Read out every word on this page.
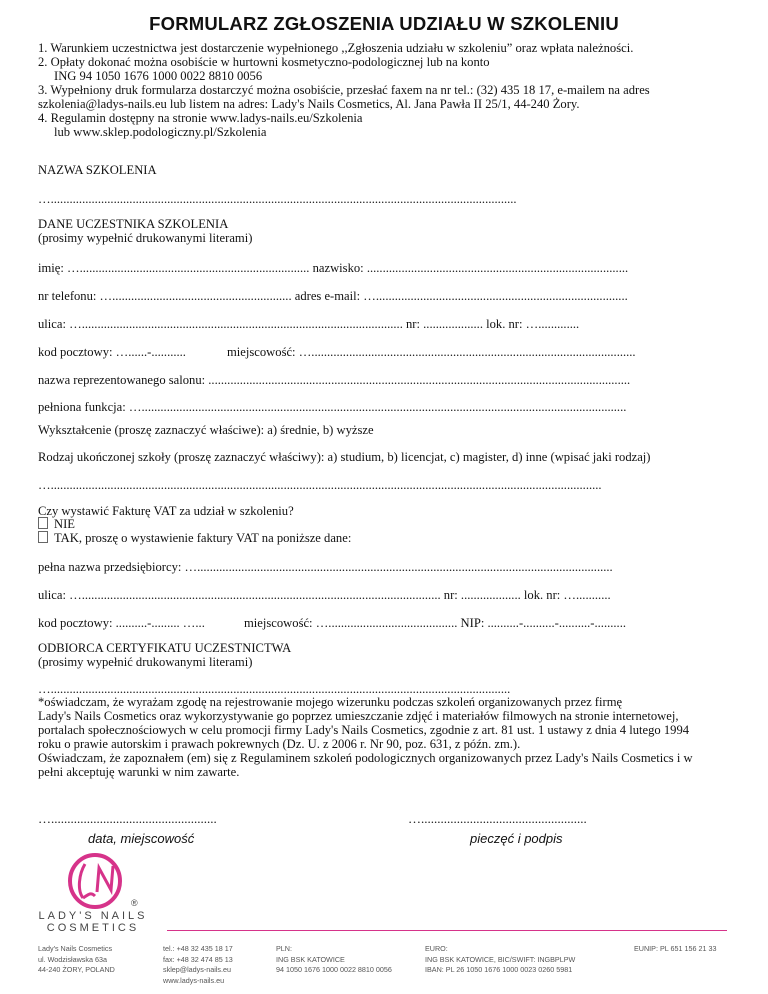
FORMULARZ ZGŁOSZENIA UDZIAŁU W SZKOLENIU
1. Warunkiem uczestnictwa jest dostarczenie wypełnionego ,,Zgłoszenia udziału w szkoleniu” oraz wpłata należności.
2. Opłaty dokonać można osobiście w hurtowni kosmetyczno-podologicznej lub na konto
ING 94 1050 1676 1000 0022 8810 0056
3. Wypełniony druk formularza dostarczyć można osobiście, przesłać faxem na nr tel.: (32) 435 18 17, e-mailem na adres
szkolenia@ladys-nails.eu lub listem na adres: Lady's Nails Cosmetics, Al. Jana Pawła II 25/1, 44-240 Żory.
4. Regulamin dostępny na stronie www.ladys-nails.eu/Szkolenia
lub www.sklep.podologiczny.pl/Szkolenia
NAZWA SZKOLENIA
…....................................................................................................................................................
DANE UCZESTNIKA SZKOLENIA
(prosimy wypełnić drukowanymi literami)
imię: …......................................................................... nazwisko: ...................................................................................
nr telefonu: …......................................................... adres e-mail: …................................................................................
ulica: …...................................................................................................... nr: ................... lok. nr: ….............
kod pocztowy: …......-...........	miejscowość: ….......................................................................................................
nazwa reprezentowanego salonu: ......................................................................................................................................
pełniona funkcja: …..........................................................................................................................................................
Wykształcenie (proszę zaznaczyć właściwe): a) średnie, b) wyższe
Rodzaj ukończonej szkoły (proszę zaznaczyć właściwy): a) studium, b) licencjat, c) magister, d) inne (wpisać jaki rodzaj)
…...............................................................................................................................................................................
Czy wystawić Fakturę VAT za udział w szkoleniu?
NIE
TAK, proszę o wystawienie faktury VAT na poniższe dane:
pełna nazwa przedsiębiorcy: …....................................................................................................................................
ulica: ….................................................................................................................. nr: ................... lok. nr: …...........
kod pocztowy: ..........-......... …...	miejscowość: …......................................... NIP: ..........-..........-..........-..........
ODBIORCA CERTYFIKATU UCZESTNICTWA
(prosimy wypełnić drukowanymi literami)
…..................................................................................................................................................
*oświadczam, że wyrażam zgodę na rejestrowanie mojego wizerunku podczas szkoleń organizowanych przez firmę
Lady's Nails Cosmetics oraz wykorzystywanie go poprzez umieszczanie zdjęć i materiałów filmowych na stronie internetowej,
portalach społecznościowych w celu promocji firmy Lady's Nails Cosmetics, zgodnie z art. 81 ust. 1 ustawy z dnia 4 lutego 1994
roku o prawie autorskim i prawach pokrewnych (Dz. U. z 2006 r. Nr 90, poz. 631, z późn. zm.).
Oświadczam, że zapoznałem (em) się z Regulaminem szkoleń podologicznych organizowanych przez Lady's Nails Cosmetics i w
pełni akceptuję warunki w nim zawarte.
…...................................................
data, miejscowość
…...................................................
pieczęć i podpis
®
LADY'S NAILS
COSMETICS
Lady's Nails Cosmetics
ul. Wodzisławska 63a
44-240 ŻORY, POLAND
tel.: +48 32 435 18 17
fax: +48 32 474 85 13
sklep@ladys-nails.eu
www.ladys-nails.eu
PLN:
ING BSK KATOWICE
94 1050 1676 1000 0022 8810 0056
EURO:
ING BSK KATOWICE, BIC/SWIFT: INGBPLPW
IBAN: PL 26 1050 1676 1000 0023 0260 5981
EUNIP: PL 651 156 21 33
